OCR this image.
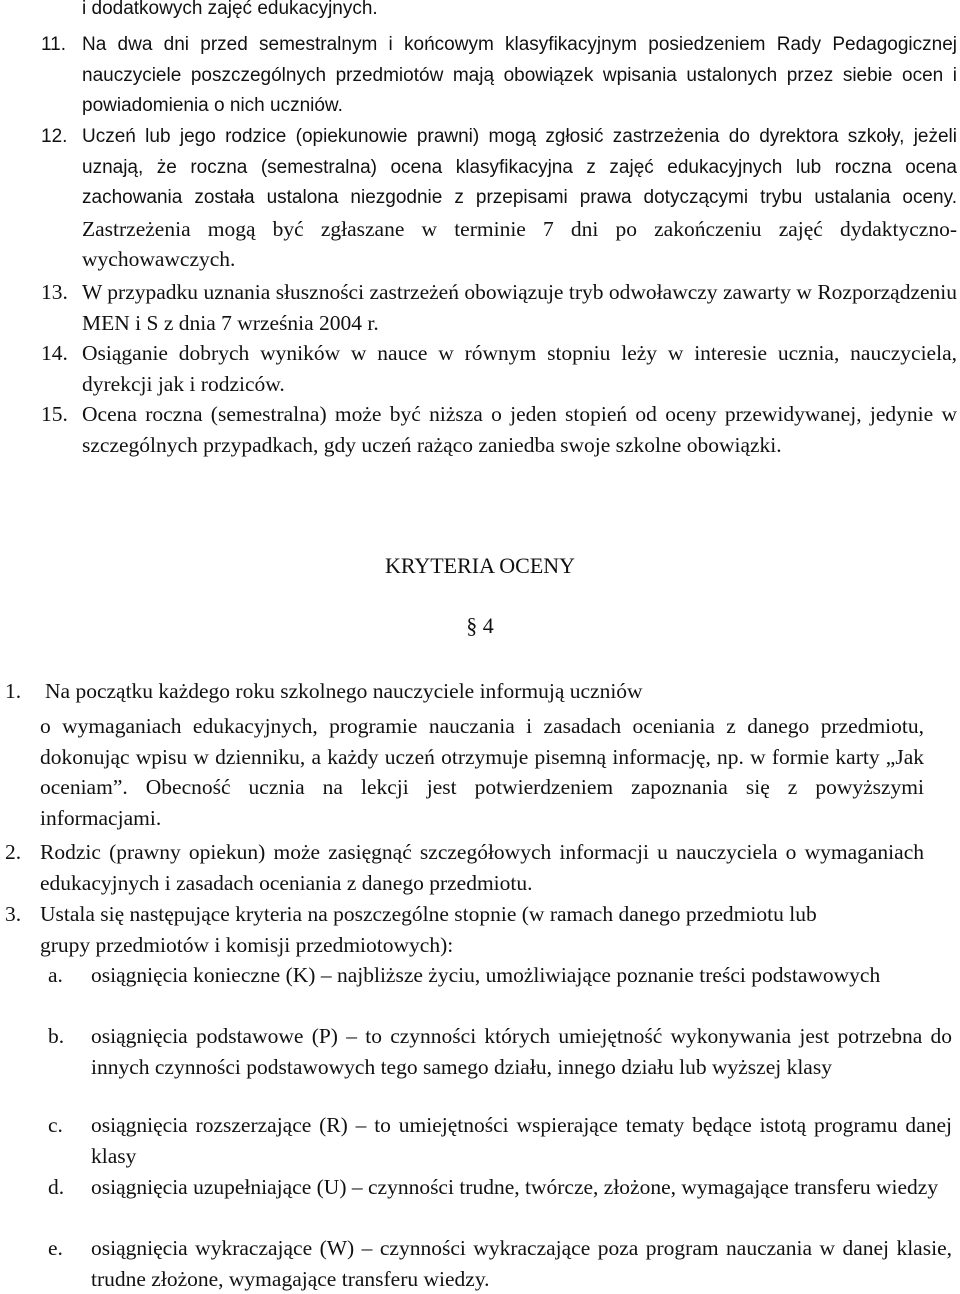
i dodatkowych zajęć edukacyjnych.
11. Na dwa dni przed semestralnym i końcowym klasyfikacyjnym posiedzeniem Rady Pedagogicznej nauczyciele poszczególnych przedmiotów mają obowiązek wpisania ustalonych przez siebie ocen i powiadomienia o nich uczniów.
12. Uczeń lub jego rodzice (opiekunowie prawni) mogą zgłosić zastrzeżenia do dyrektora szkoły, jeżeli uznają, że roczna (semestralna) ocena klasyfikacyjna z zajęć edukacyjnych lub roczna ocena zachowania została ustalona niezgodnie z przepisami prawa dotyczącymi trybu ustalania oceny. Zastrzeżenia mogą być zgłaszane w terminie 7 dni po zakończeniu zajęć dydaktyczno-wychowawczych.
13. W przypadku uznania słuszności zastrzeżeń obowiązuje tryb odwoławczy zawarty w Rozporządzeniu MEN i S z dnia 7 września 2004 r.
14. Osiąganie dobrych wyników w nauce w równym stopniu leży w interesie ucznia, nauczyciela, dyrekcji jak i rodziców.
15. Ocena roczna (semestralna) może być niższa o jeden stopień od oceny przewidywanej, jedynie w szczególnych przypadkach, gdy uczeń rażąco zaniedba swoje szkolne obowiązki.
KRYTERIA OCENY
§ 4
1.	Na początku każdego roku szkolnego nauczyciele informują uczniów
o wymaganiach edukacyjnych, programie nauczania i zasadach oceniania z danego przedmiotu, dokonując wpisu w dzienniku, a każdy uczeń otrzymuje pisemną informację, np. w formie karty „Jak oceniam”. Obecność ucznia na lekcji jest potwierdzeniem zapoznania się z powyższymi informacjami.
2. Rodzic (prawny opiekun) może zasięgnąć szczegółowych informacji u nauczyciela o wymaganiach edukacyjnych i zasadach oceniania z danego przedmiotu.
3. Ustala się następujące kryteria na poszczególne stopnie (w ramach danego przedmiotu lub grupy przedmiotów i komisji przedmiotowych):
a.	osiągnięcia konieczne (K) – najbliższe życiu, umożliwiające poznanie treści podstawowych
b.	osiągnięcia podstawowe (P) – to czynności których umiejętność wykonywania jest potrzebna do innych czynności podstawowych tego samego działu, innego działu lub wyższej klasy
c.	osiągnięcia rozszerzające (R) – to umiejętności wspierające tematy będące istotą programu danej klasy
d.	osiągnięcia uzupełniające (U) – czynności trudne, twórcze, złożone, wymagające transferu wiedzy
e.	osiągnięcia wykraczające (W) – czynności wykraczające poza program nauczania w danej klasie, trudne złożone, wymagające transferu wiedzy.
